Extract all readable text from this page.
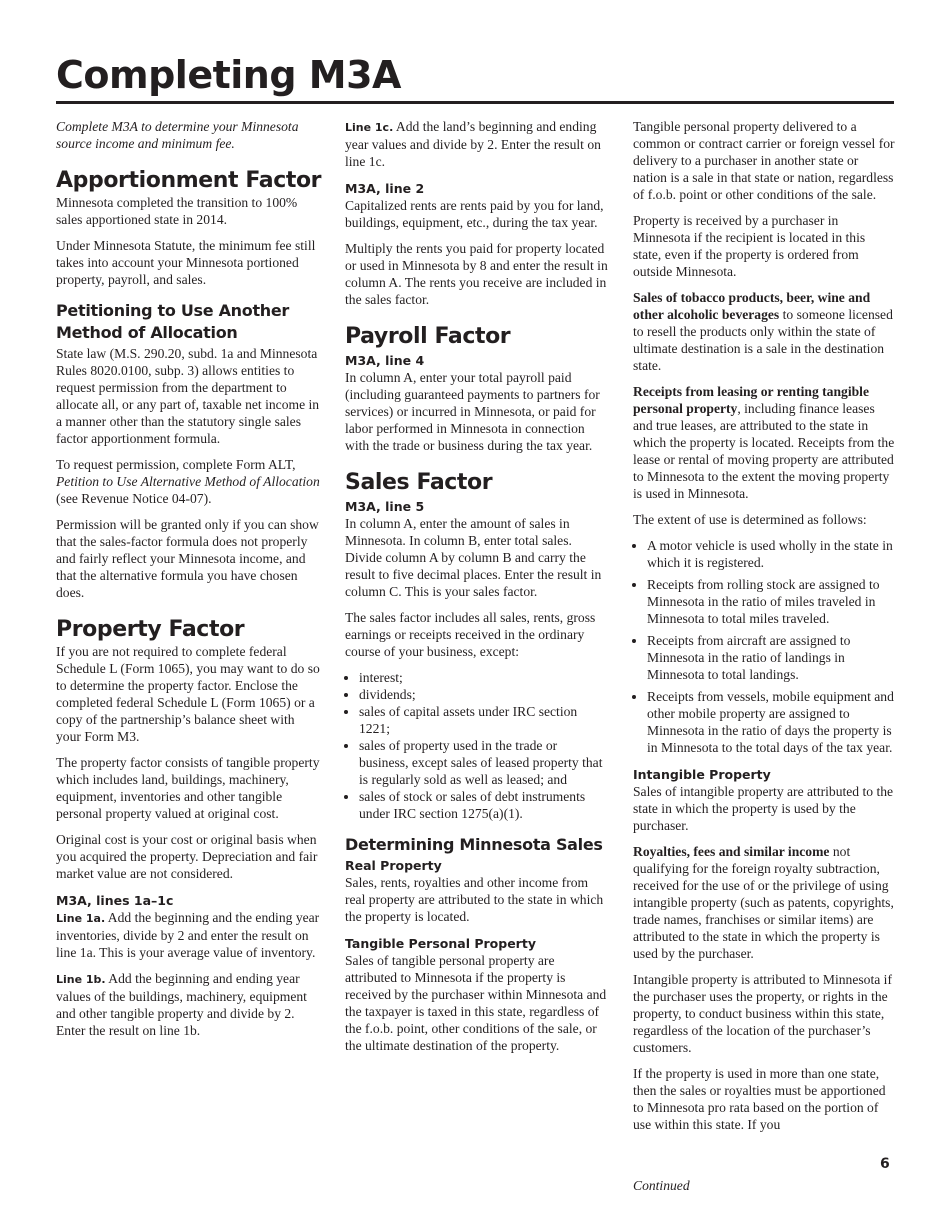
Completing M3A

Complete M3A to determine your Minnesota source income and minimum fee.

Apportionment Factor

Minnesota completed the transition to 100% sales apportioned state in 2014.

Under Minnesota Statute, the minimum fee still takes into account your Minnesota portioned property, payroll, and sales.

Petitioning to Use Another Method of Allocation

State law (M.S. 290.20, subd. 1a and Minnesota Rules 8020.0100, subp. 3) allows entities to request permission from the department to allocate all, or any part of, taxable net income in a manner other than the statutory single sales factor apportionment formula.

To request permission, complete Form ALT, Petition to Use Alternative Method of Allocation (see Revenue Notice 04-07).

Permission will be granted only if you can show that the sales-factor formula does not properly and fairly reflect your Minnesota income, and that the alternative formula you have chosen does.

Property Factor

If you are not required to complete federal Schedule L (Form 1065), you may want to do so to determine the property factor. Enclose the completed federal Schedule L (Form 1065) or a copy of the partnership’s balance sheet with your Form M3.

The property factor consists of tangible property which includes land, buildings, machinery, equipment, inventories and other tangible personal property valued at original cost.

Original cost is your cost or original basis when you acquired the property. Depreciation and fair market value are not considered.

M3A, lines 1a–1c

Line 1a. Add the beginning and the ending year inventories, divide by 2 and enter the result on line 1a. This is your average value of inventory.

Line 1b. Add the beginning and ending year values of the buildings, machinery, equipment and other tangible property and divide by 2. Enter the result on line 1b.

Line 1c. Add the land’s beginning and ending year values and divide by 2. Enter the result on line 1c.

M3A, line 2

Capitalized rents are rents paid by you for land, buildings, equipment, etc., during the tax year.

Multiply the rents you paid for property located or used in Minnesota by 8 and enter the result in column A. The rents you receive are included in the sales factor.

Payroll Factor
M3A, line 4

In column A, enter your total payroll paid (including guaranteed payments to partners for services) or incurred in Minnesota, or paid for labor performed in Minnesota in connection with the trade or business during the tax year.

Sales Factor
M3A, line 5

In column A, enter the amount of sales in Minnesota. In column B, enter total sales. Divide column A by column B and carry the result to five decimal places. Enter the result in column C. This is your sales factor.

The sales factor includes all sales, rents, gross earnings or receipts received in the ordinary course of your business, except:

• interest;
• dividends;
• sales of capital assets under IRC section 1221;
• sales of property used in the trade or business, except sales of leased property that is regularly sold as well as leased; and
• sales of stock or sales of debt instruments under IRC section 1275(a)(1).
Determining Minnesota Sales
Real Property

Sales, rents, royalties and other income from real property are attributed to the state in which the property is located.

Tangible Personal Property

Sales of tangible personal property are attributed to Minnesota if the property is received by the purchaser within Minnesota and the taxpayer is taxed in this state, regardless of the f.o.b. point, other conditions of the sale, or the ultimate destination of the property.

Tangible personal property delivered to a common or contract carrier or foreign vessel for delivery to a purchaser in another state or nation is a sale in that state or nation, regardless of f.o.b. point or other conditions of the sale.

Property is received by a purchaser in Minnesota if the recipient is located in this state, even if the property is ordered from outside Minnesota.

Sales of tobacco products, beer, wine and other alcoholic beverages to someone licensed to resell the products only within the state of ultimate destination is a sale in the destination state.

Receipts from leasing or renting tangible personal property, including finance leases and true leases, are attributed to the state in which the property is located. Receipts from the lease or rental of moving property are attributed to Minnesota to the extent the moving property is used in Minnesota.

The extent of use is determined as follows:

• A motor vehicle is used wholly in the state in which it is registered.
• Receipts from rolling stock are assigned to Minnesota in the ratio of miles traveled in Minnesota to total miles traveled.
• Receipts from aircraft are assigned to Minnesota in the ratio of landings in Minnesota to total landings.
• Receipts from vessels, mobile equipment and other mobile property are assigned to Minnesota in the ratio of days the property is in Minnesota to the total days of the tax year.
Intangible Property

Sales of intangible property are attributed to the state in which the property is used by the purchaser.

Royalties, fees and similar income not qualifying for the foreign royalty subtraction, received for the use of or the privilege of using intangible property (such as patents, copyrights, trade names, franchises or similar items) are attributed to the state in which the property is used by the purchaser.

Intangible property is attributed to Minnesota if the purchaser uses the property, or rights in the property, to conduct business within this state, regardless of the location of the purchaser’s customers.

If the property is used in more than one state, then the sales or royalties must be apportioned to Minnesota pro rata based on the portion of use within this state. If you

6
Continued
